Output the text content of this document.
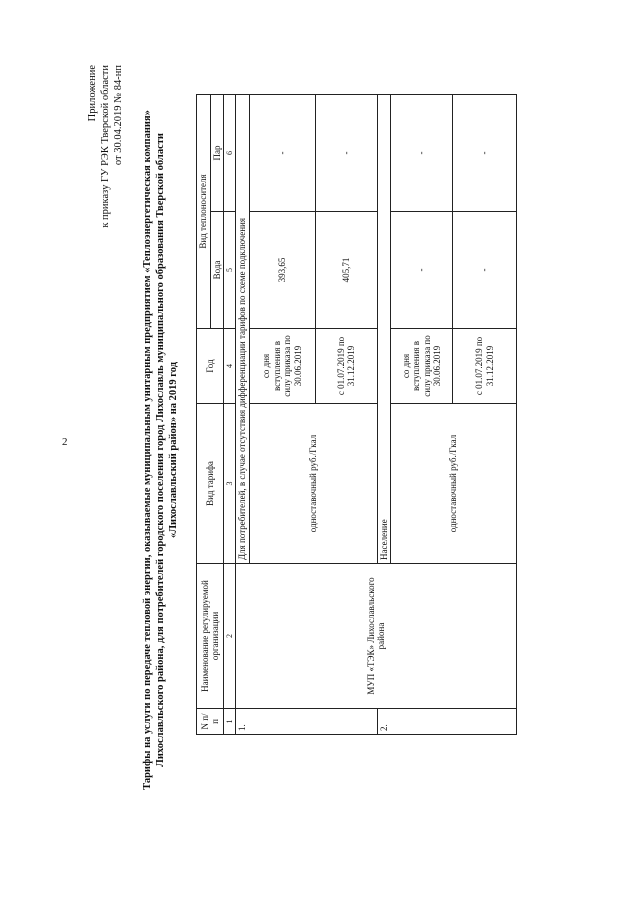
2
Приложение к приказу ГУ РЭК Тверской области от 30.04.2019 № 84-нп Тарифы на услуги по передаче тепловой энергии, оказываемые муниципальным унитарным предприятием «Теплоэнергетическая компания» Лихославльского района, для потребителей городского поселения город Лихославль муниципального образования Тверской области «Лихославльский район» на 2019 год
N п/п	Наименование регулируемой организации	Вид тарифа	Год	Вид теплоносителя	
				Вода	Пар
1	2	3	4	5	6
1.	МУП «ТЭК» Лихославльского района	Для потребителей, в случае отсутствия дифференциации тарифов по схеме подключения			
		одноставочный руб./Гкал	со дня вступления в силу приказа по 30.06.2019	393,65	-
			с 01.07.2019 по 31.12.2019	405,71	-
2.		Население			
		одноставочный руб./Гкал	со дня вступления в силу приказа по 30.06.2019	-	-
			с 01.07.2019 по 31.12.2019	-	-
